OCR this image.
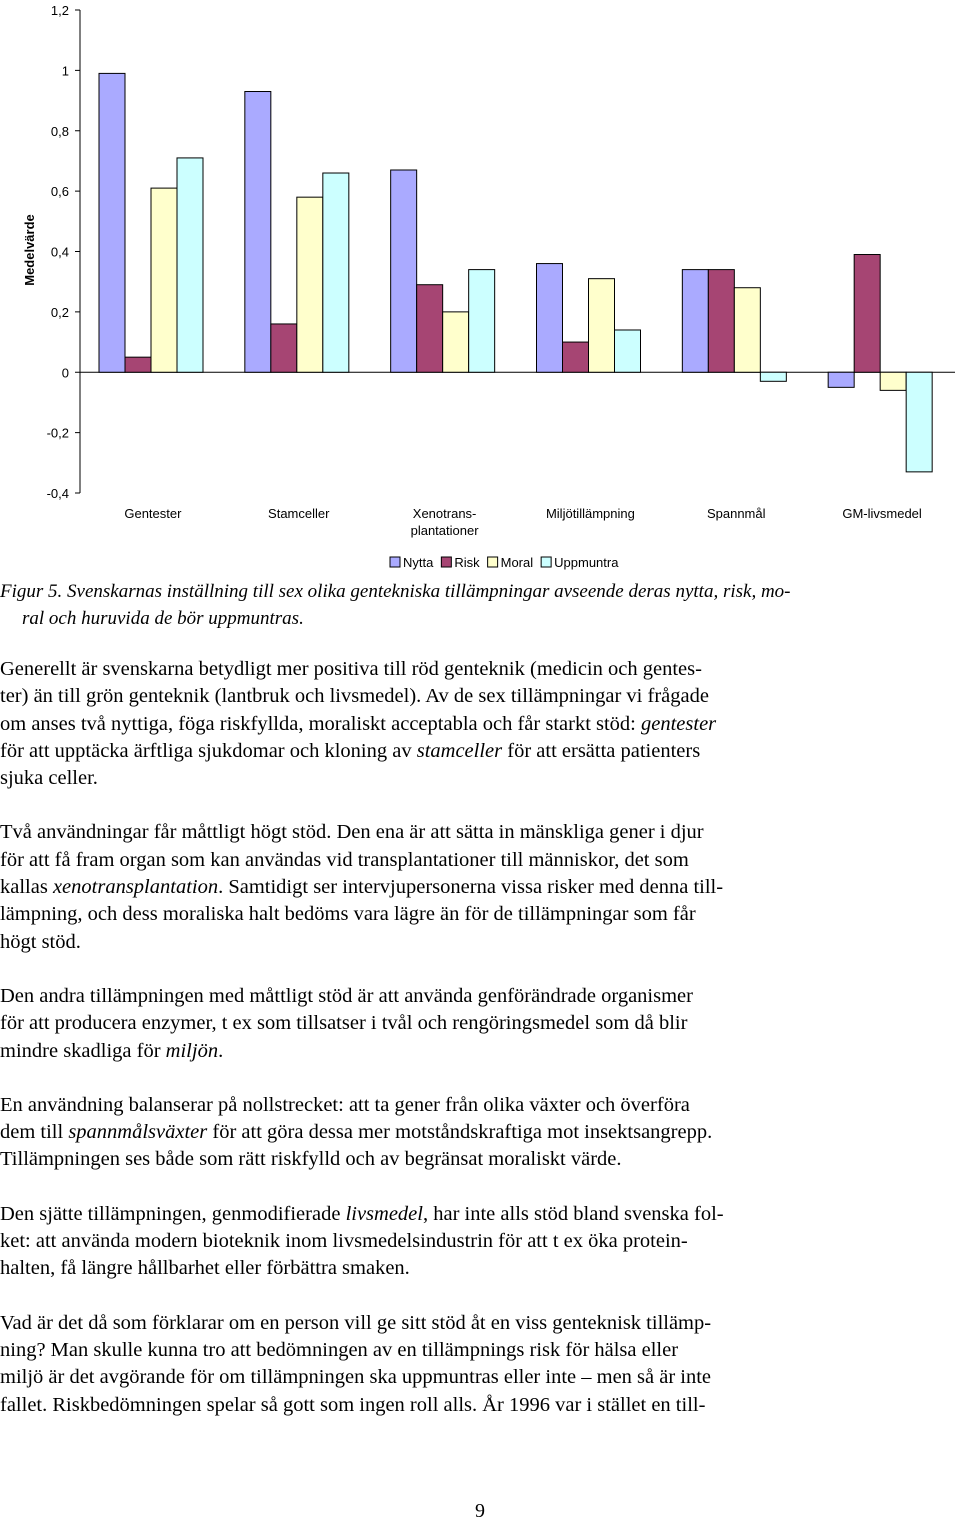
Medelvärde
1,2
1
0,8
0,6
0,4
0,2
0
-0,2
-0,4
Gentester	Stamceller	Xenotrans-
plantationer
Miljötillämpning	Spannmål	GM-livsmedel
Nytta Risk Moral Uppmuntra
Figur 5. Svenskarnas inställning till sex olika gentekniska tillämpningar avseende deras nytta, risk, mo-
ral och huruvida de bör uppmuntras.

Generellt är svenskarna betydligt mer positiva till röd genteknik (medicin och gentes-
ter) än till grön genteknik (lantbruk och livsmedel). Av de sex tillämpningar vi frågade
om anses två nyttiga, föga riskfyllda, moraliskt acceptabla och får starkt stöd: gentester
för att upptäcka ärftliga sjukdomar och kloning av stamceller för att ersätta patienters
sjuka celler.

Två användningar får måttligt högt stöd. Den ena är att sätta in mänskliga gener i djur
för att få fram organ som kan användas vid transplantationer till människor, det som
kallas xenotransplantation. Samtidigt ser intervjupersonerna vissa risker med denna till-
lämpning, och dess moraliska halt bedöms vara lägre än för de tillämpningar som får
högt stöd.

Den andra tillämpningen med måttligt stöd är att använda genförändrade organismer
för att producera enzymer, t ex som tillsatser i tvål och rengöringsmedel som då blir
mindre skadliga för miljön.

En användning balanserar på nollstrecket: att ta gener från olika växter och överföra
dem till spannmålsväxter för att göra dessa mer motståndskraftiga mot insektsangrepp.
Tillämpningen ses både som rätt riskfylld och av begränsat moraliskt värde.

Den sjätte tillämpningen, genmodifierade livsmedel, har inte alls stöd bland svenska fol-
ket: att använda modern bioteknik inom livsmedelsindustrin för att t ex öka protein-
halten, få längre hållbarhet eller förbättra smaken.

Vad är det då som förklarar om en person vill ge sitt stöd åt en viss genteknisk tillämp-
ning? Man skulle kunna tro att bedömningen av en tillämpnings risk för hälsa eller
miljö är det avgörande för om tillämpningen ska uppmuntras eller inte – men så är inte
fallet. Riskbedömningen spelar så gott som ingen roll alls. År 1996 var i stället en till-

9
